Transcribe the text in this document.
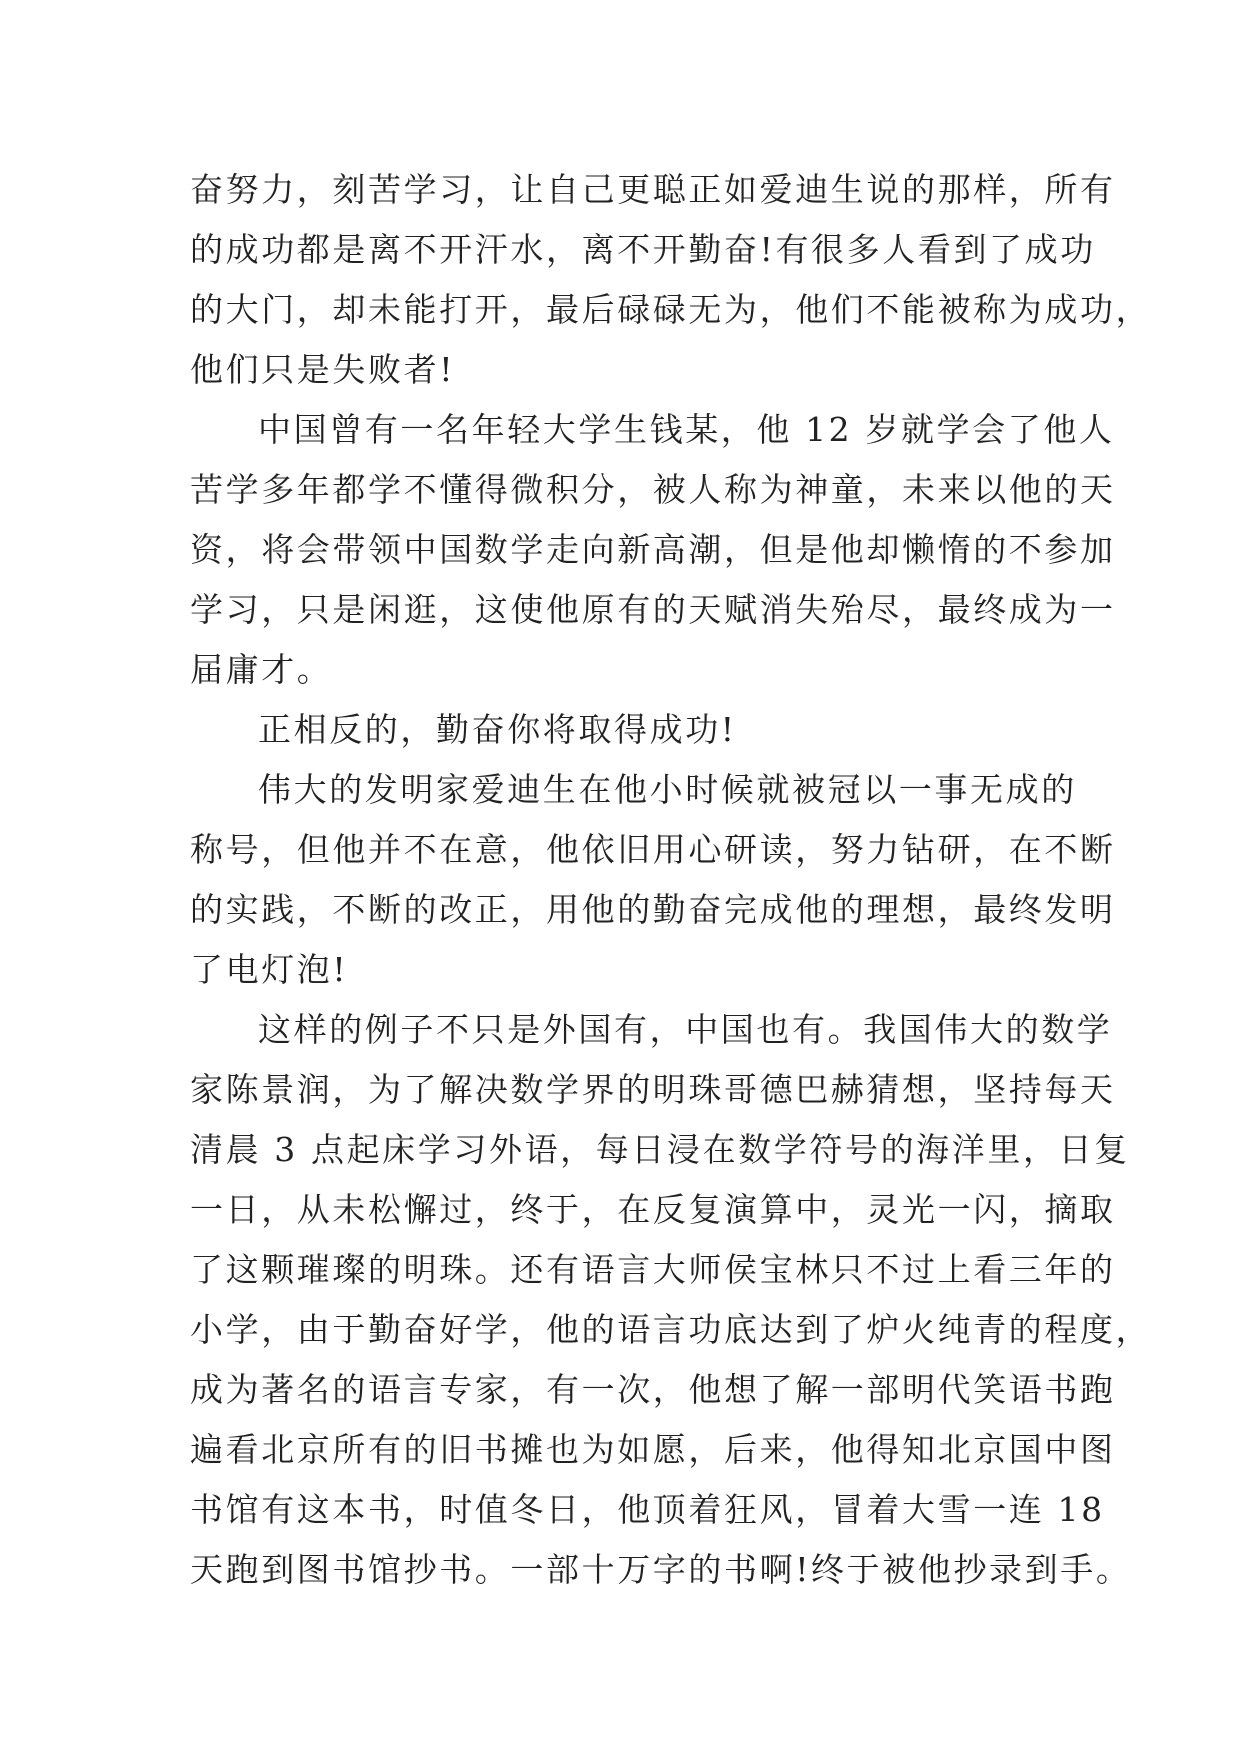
奋努力，刻苦学习，让自己更聪正如爱迪生说的那样，所有
的成功都是离不开汗水，离不开勤奋!有很多人看到了成功
的大门，却未能打开，最后碌碌无为，他们不能被称为成功，
他们只是失败者!
中国曾有一名年轻大学生钱某，他 12 岁就学会了他人
苦学多年都学不懂得微积分，被人称为神童，未来以他的天
资，将会带领中国数学走向新高潮，但是他却懒惰的不参加
学习，只是闲逛，这使他原有的天赋消失殆尽，最终成为一
届庸才。
正相反的，勤奋你将取得成功!
伟大的发明家爱迪生在他小时候就被冠以一事无成的
称号，但他并不在意，他依旧用心研读，努力钻研，在不断
的实践，不断的改正，用他的勤奋完成他的理想，最终发明
了电灯泡!
这样的例子不只是外国有，中国也有。我国伟大的数学
家陈景润，为了解决数学界的明珠哥德巴赫猜想，坚持每天
清晨 3 点起床学习外语，每日浸在数学符号的海洋里，日复
一日，从未松懈过，终于，在反复演算中，灵光一闪，摘取
了这颗璀璨的明珠。还有语言大师侯宝林只不过上看三年的
小学，由于勤奋好学，他的语言功底达到了炉火纯青的程度，
成为著名的语言专家，有一次，他想了解一部明代笑语书跑
遍看北京所有的旧书摊也为如愿，后来，他得知北京国中图
书馆有这本书，时值冬日，他顶着狂风，冒着大雪一连 18
天跑到图书馆抄书。一部十万字的书啊!终于被他抄录到手。
